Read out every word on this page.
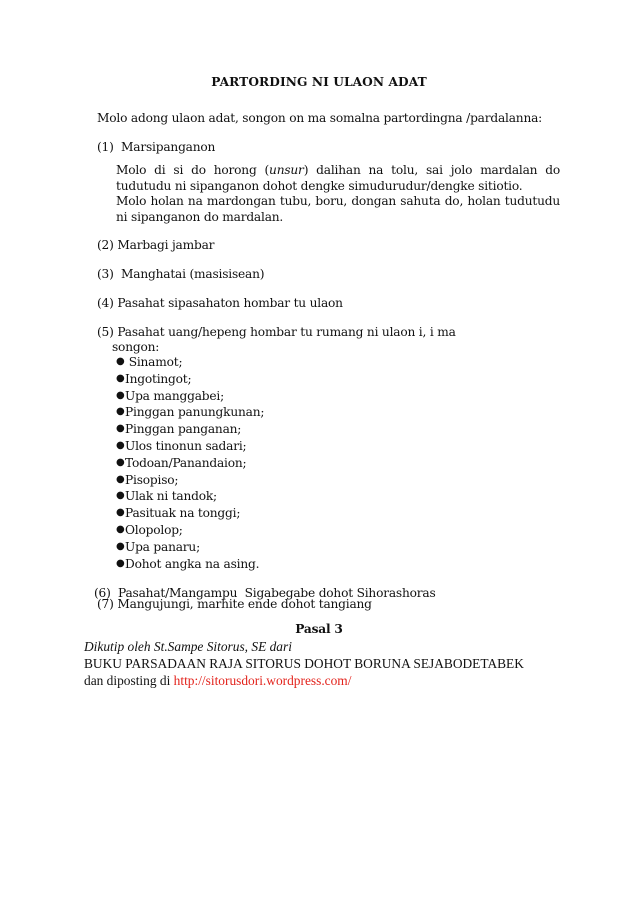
PARTORDING NI ULAON ADAT
Molo adong ulaon adat, songon on ma somalna partordingna /pardalanna:
(1) Marsipanganon
Molo di si do horong (unsur) dalihan na tolu, sai jolo mardalan do tudutudu ni sipanganon dohot dengke simudurudur/dengke sitiotio.
Molo holan na mardongan tubu, boru, dongan sahuta do, holan tudutudu ni sipanganon do mardalan.
(2) Marbagi jambar
(3) Manghatai (masisisean)
(4) Pasahat sipasahaton hombar tu ulaon
(5) Pasahat uang/hepeng hombar tu rumang ni ulaon i, i ma
songon:
●
Sinamot;
● Ingotingot;
● Upa manggabei;
● Pinggan panungkunan;
● Pinggan panganan;
● Ulos tinonun sadari;
● Todoan/Panandaion;
● Pisopiso;
● Ulak ni tandok;
● Pasituak na tonggi;
● Olopolop;
● Upa panaru;
● Dohot angka na asing.
(6) Pasahat/Mangampu  Sigabegabe dohot Sihorashoras
(7) Mangujungi, marhite ende dohot tangiang
Pasal 3
Dikutip oleh St.Sampe Sitorus, SE dari
BUKU PARSADAAN RAJA SITORUS DOHOT BORUNA SEJABODETABEK
dan diposting di http://sitorusdori.wordpress.com/
